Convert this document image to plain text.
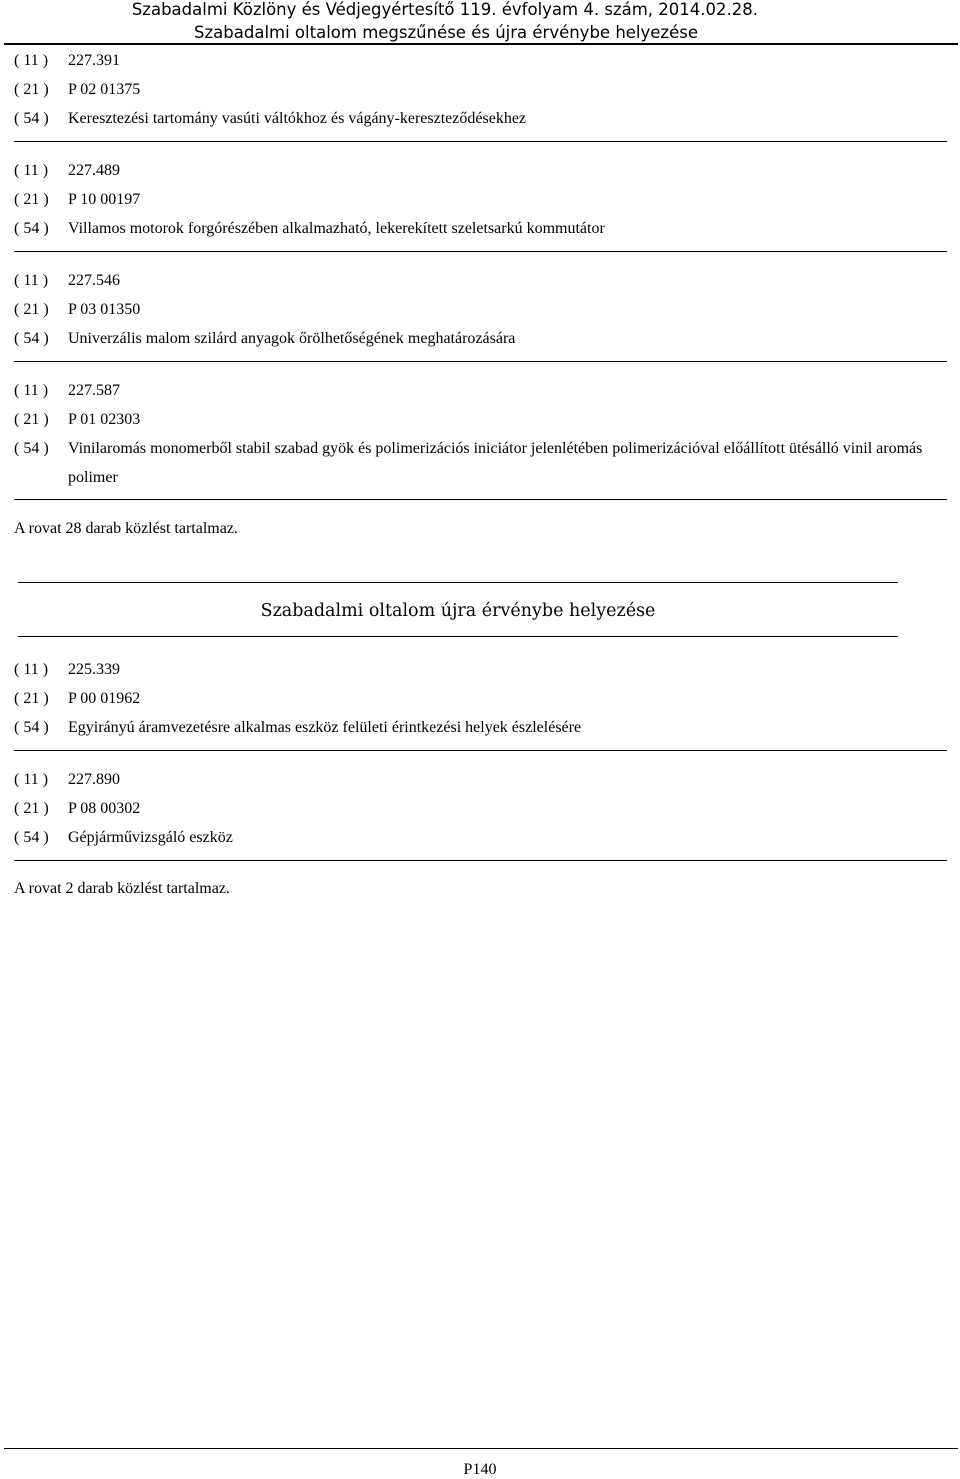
Szabadalmi Közlöny és Védjegyértesítő 119. évfolyam 4. szám, 2014.02.28.
Szabadalmi oltalom megszűnése és újra érvénybe helyezése
( 11 )	227.391
( 21 )	P 02 01375
( 54 )	Keresztezési tartomány vasúti váltókhoz és vágány-kereszteződésekhez
( 11 )	227.489
( 21 )	P 10 00197
( 54 )	Villamos motorok forgórészében alkalmazható, lekerekített szeletsarkú kommutátor
( 11 )	227.546
( 21 )	P 03 01350
( 54 )	Univerzális malom szilárd anyagok őrölhetőségének meghatározására
( 11 )	227.587
( 21 )	P 01 02303
( 54 )	Vinilaromás monomerből stabil szabad gyök és polimerizációs iniciátor jelenlétében polimerizációval előállított ütésálló vinil aromás polimer
A rovat 28 darab közlést tartalmaz.
Szabadalmi oltalom újra érvénybe helyezése
( 11 )	225.339
( 21 )	P 00 01962
( 54 )	Egyirányú áramvezetésre alkalmas eszköz felületi érintkezési helyek észlelésére
( 11 )	227.890
( 21 )	P 08 00302
( 54 )	Gépjárművizsgáló eszköz
A rovat 2 darab közlést tartalmaz.
P140
